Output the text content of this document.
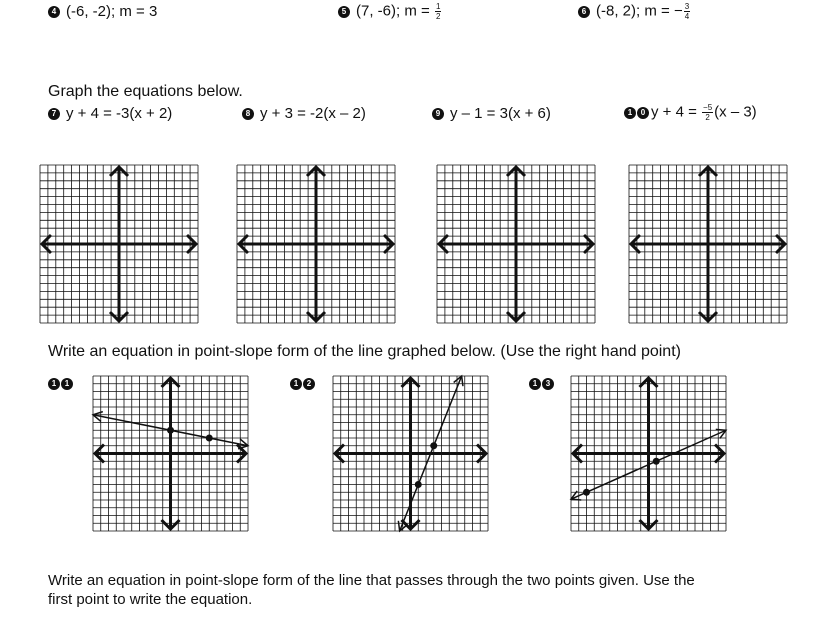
4 (-6, -2); m = 3	5 (7, -6); $m = \frac{1}{2}$	6 (-8, 2); m = − $\frac{3}{4}$
Graph the equations below.
7 y + 4 = -3(x + 2)	8 y + 3 = -2(x – 2)	9 y – 1 = 3(x + 6)	1	0 $y + 4 = \frac{-5}{2} (x - 3)$
Write an equation in point-slope form of the line graphed below. (Use the right hand point)
1	1	1	2	1	3
Write an equation in point-slope form of the line that passes through the two points given. Use the
first point to write the equation.
